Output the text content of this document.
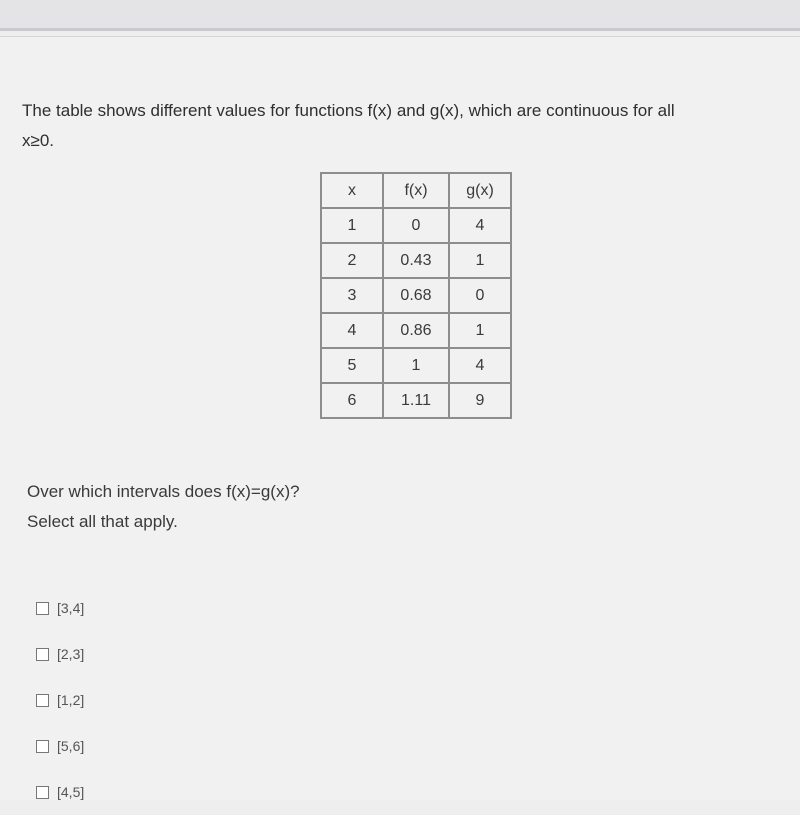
The table shows different values for functions f(x) and g(x), which are continuous for all
x≥0.

x	f(x)	g(x)
1	0	4
2	0.43	1
3	0.68	0
4	0.86	1
5	1	4
6	1.11	9

Over which intervals does f(x)=g(x)?
Select all that apply.

[3,4]
[2,3]
[1,2]
[5,6]
[4,5]
